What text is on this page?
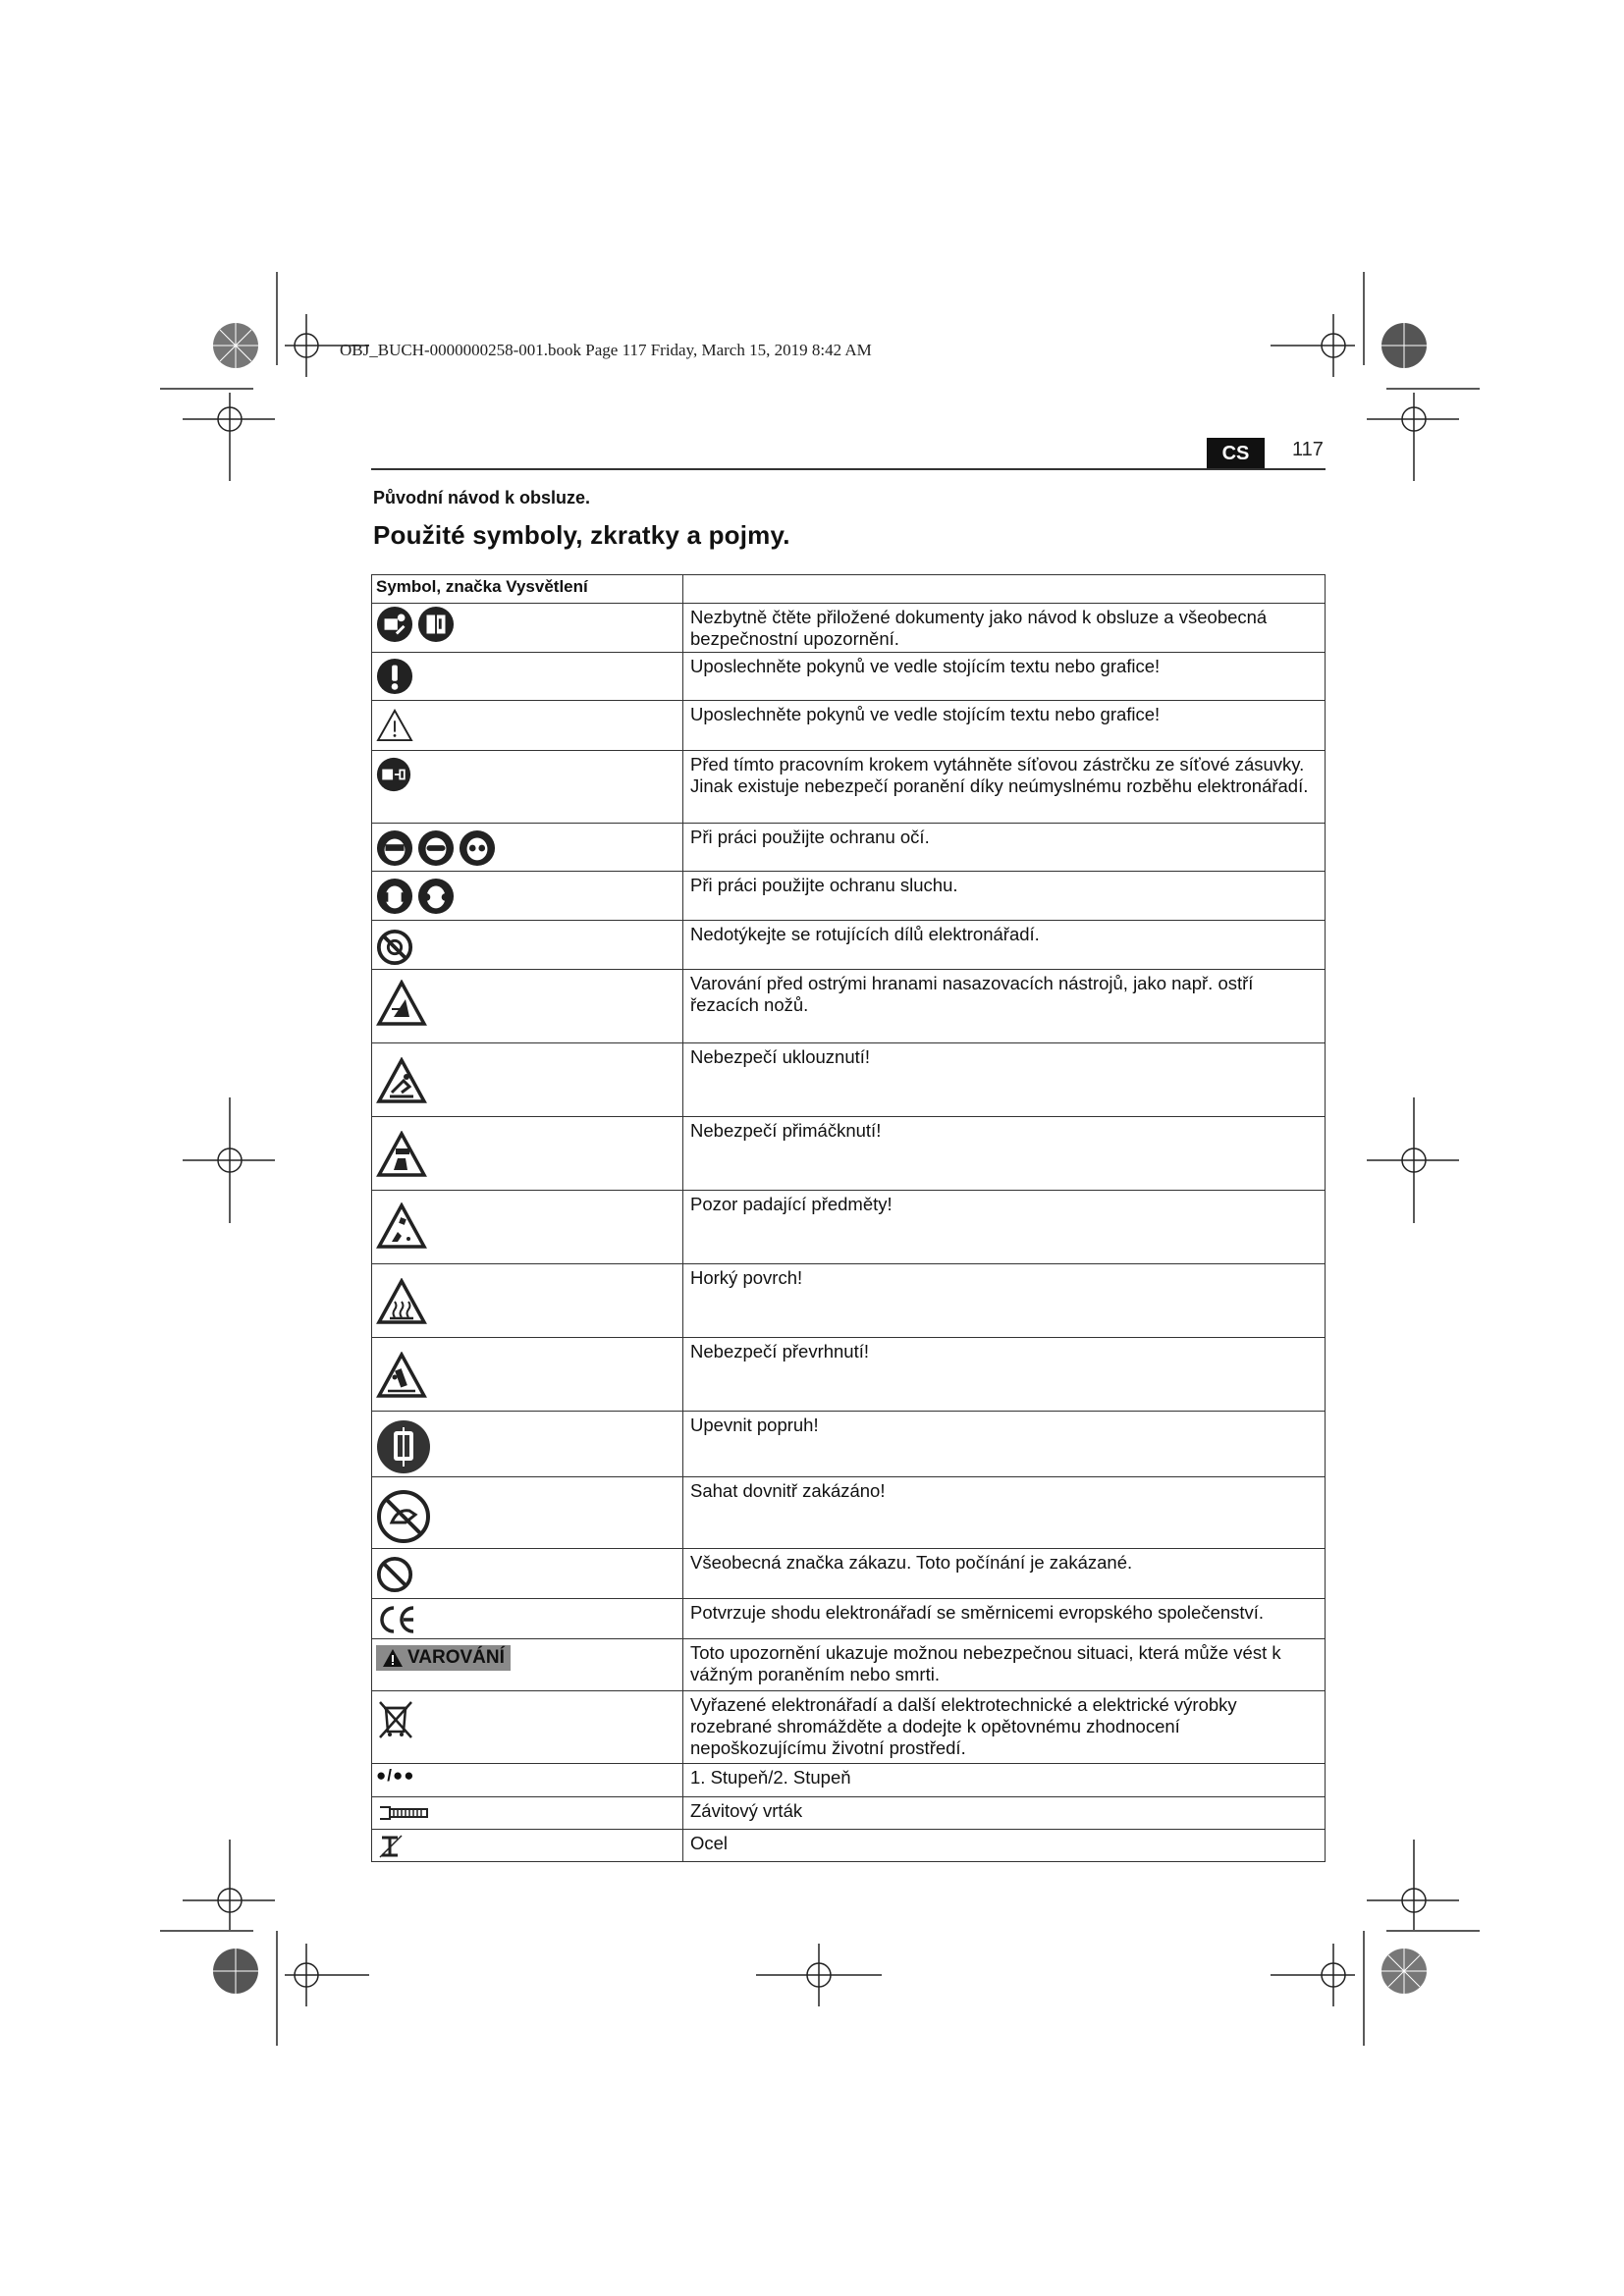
OBJ_BUCH-0000000258-001.book Page 117 Friday, March 15, 2019 8:42 AM
CS	117
Původní návod k obsluze.
Použité symboly, zkratky a pojmy.
Symbol, značka Vysvětlení	

	Nezbytně čtěte přiložené dokumenty jako návod k obsluze a všeobecná bezpečnostní upozornění.

	Uposlechněte pokynů ve vedle stojícím textu nebo grafice!

	Uposlechněte pokynů ve vedle stojícím textu nebo grafice!

	Před tímto pracovním krokem vytáhněte síťovou zástrčku ze síťové zásuvky. Jinak existuje nebezpečí poranění díky neúmyslnému rozběhu elektronářadí.

	Při práci použijte ochranu očí.

	Při práci použijte ochranu sluchu.

	Nedotýkejte se rotujících dílů elektronářadí.

	Varování před ostrými hranami nasazovacích nástrojů, jako např. ostří řezacích nožů.

	Nebezpečí uklouznutí!

	Nebezpečí přimáčknutí!

	Pozor padající předměty!

	Horký povrch!

	Nebezpečí převrhnutí!

	Upevnit popruh!

	Sahat dovnitř zakázáno!

	Všeobecná značka zákazu. Toto počínání je zakázané.

	Potvrzuje shodu elektronářadí se směrnicemi evropského společenství.

VAROVÁNÍ	Toto upozornění ukazuje možnou nebezpečnou situaci, která může vést k vážným poraněním nebo smrti.

	Vyřazené elektronářadí a další elektrotechnické a elektrické výrobky rozebrané shromážděte a dodejte k opětovnému zhodnocení nepoškozujícímu životní prostředí.
●/●●	1. Stupeň/2. Stupeň

	Závitový vrták

	Ocel
